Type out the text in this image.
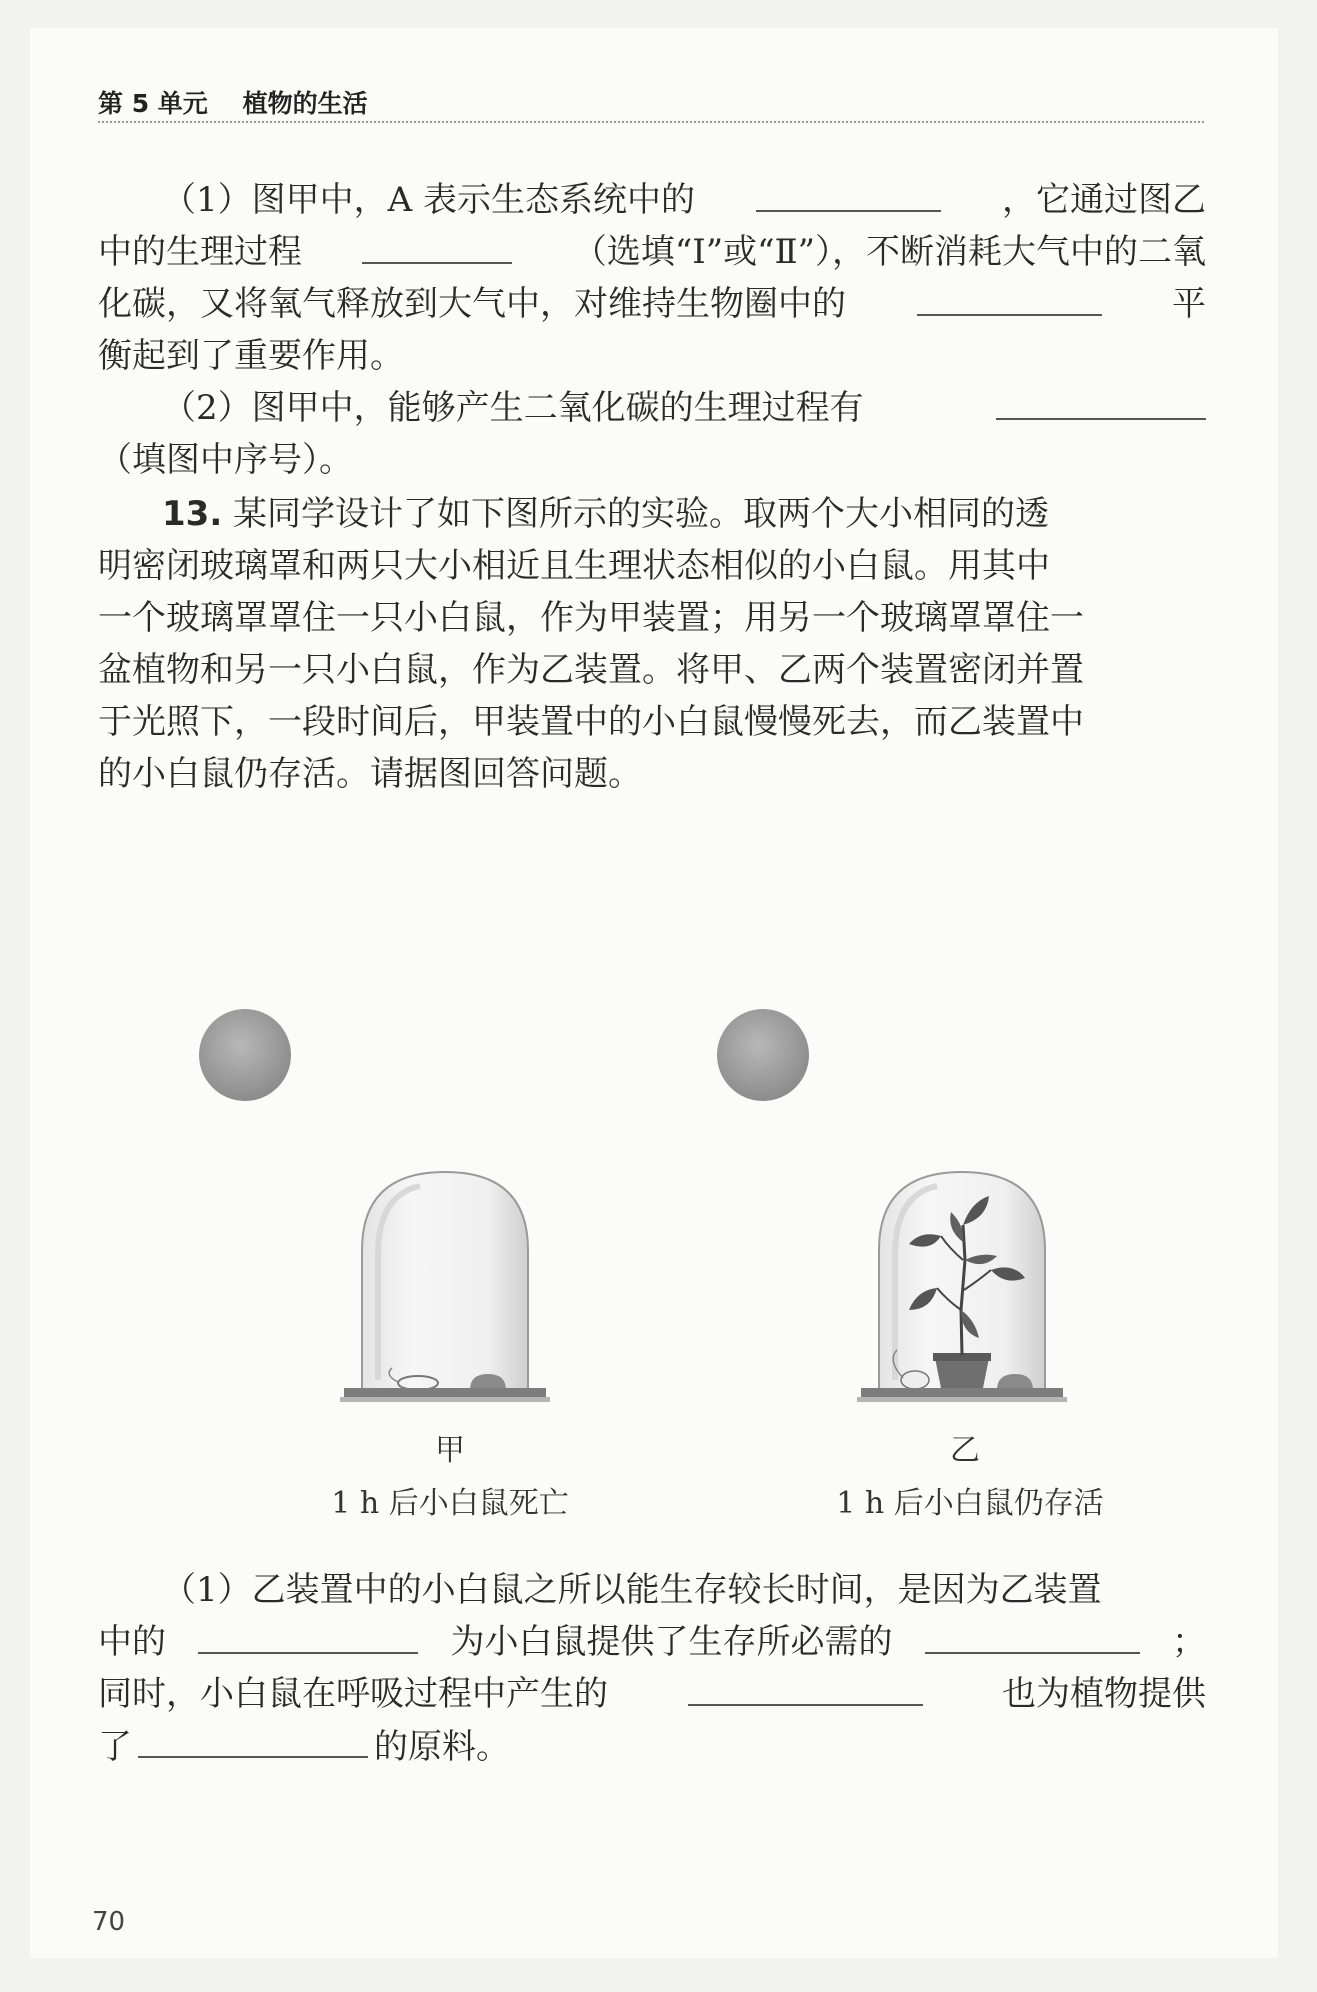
第 5 单元 植物的生活
（1）图甲中，A 表示生态系统中的	，它通过图乙
中的生理过程	（选填“Ⅰ”或“Ⅱ”），不断消耗大气中的二氧
化碳，又将氧气释放到大气中，对维持生物圈中的	平
衡起到了重要作用。
（2）图甲中，能够产生二氧化碳的生理过程有
（填图中序号）。
13. 某同学设计了如下图所示的实验。取两个大小相同的透
明密闭玻璃罩和两只大小相近且生理状态相似的小白鼠。用其中
一个玻璃罩罩住一只小白鼠，作为甲装置；用另一个玻璃罩罩住一
盆植物和另一只小白鼠，作为乙装置。将甲、乙两个装置密闭并置
于光照下，一段时间后，甲装置中的小白鼠慢慢死去，而乙装置中
的小白鼠仍存活。请据图回答问题。
甲
1 h 后小白鼠死亡
乙
1 h 后小白鼠仍存活
（1）乙装置中的小白鼠之所以能生存较长时间，是因为乙装置
中的	为小白鼠提供了生存所必需的	；
同时，小白鼠在呼吸过程中产生的	也为植物提供
了	的原料。
70
